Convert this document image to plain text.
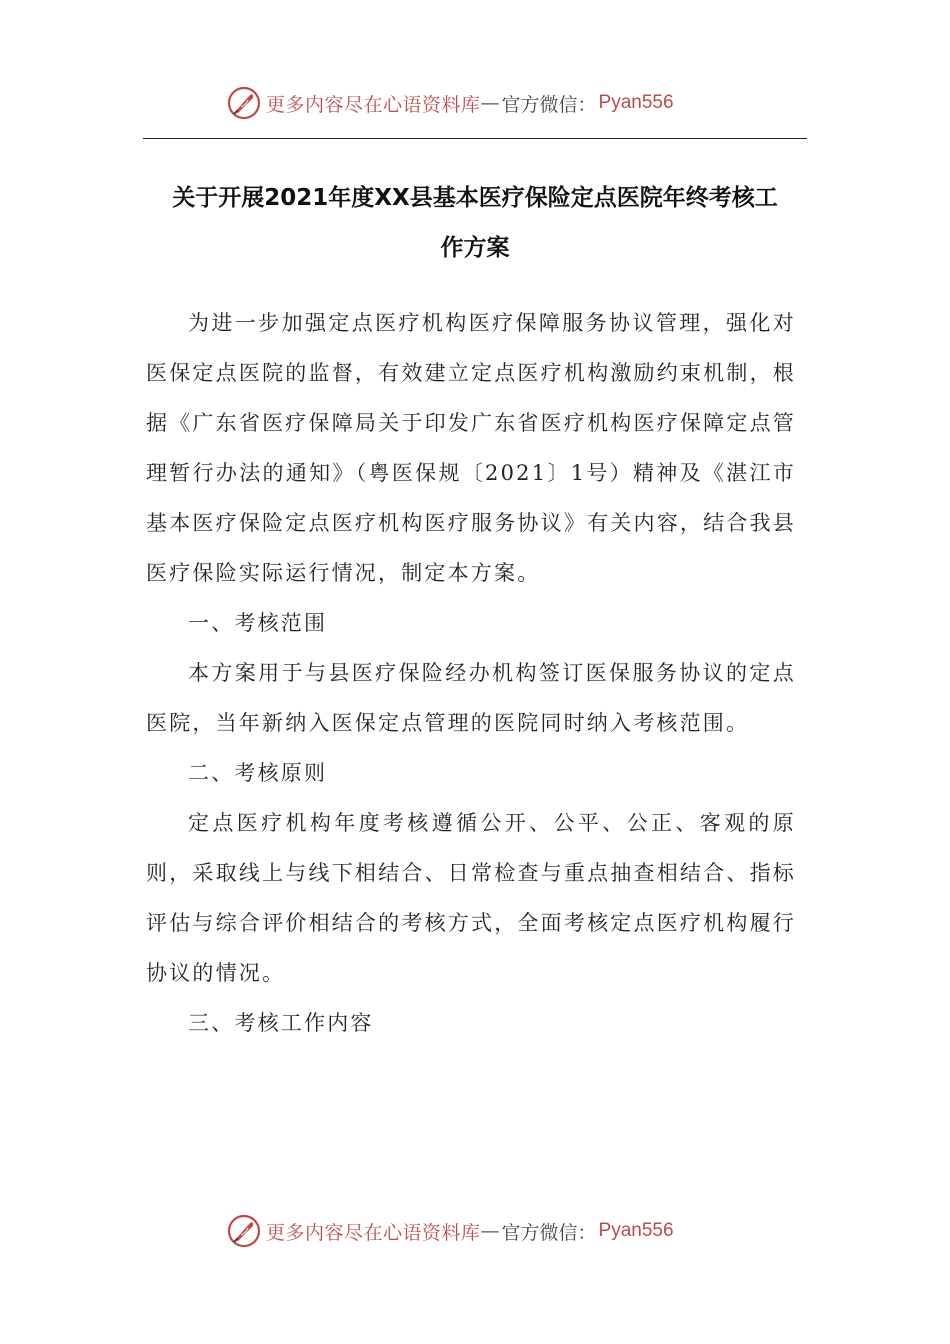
更多内容尽在心语资料库 — 官方微信： Pyan556
关于开展2021年度XX县基本医疗保险定点医院年终考核工
作方案

为进一步加强定点医疗机构医疗保障服务协议管理，强化对医保定点医院的监督，有效建立定点医疗机构激励约束机制，根据《广东省医疗保障局关于印发广东省医疗机构医疗保障定点管理暂行办法的通知》（粤医保规〔2021〕1号）精神及《湛江市基本医疗保险定点医疗机构医疗服务协议》有关内容，结合我县医疗保险实际运行情况，制定本方案。

一、考核范围

本方案用于与县医疗保险经办机构签订医保服务协议的定点医院，当年新纳入医保定点管理的医院同时纳入考核范围。

二、考核原则

定点医疗机构年度考核遵循公开、公平、公正、客观的原则，采取线上与线下相结合、日常检查与重点抽查相结合、指标评估与综合评价相结合的考核方式，全面考核定点医疗机构履行协议的情况。

三、考核工作内容

更多内容尽在心语资料库 — 官方微信： Pyan556
